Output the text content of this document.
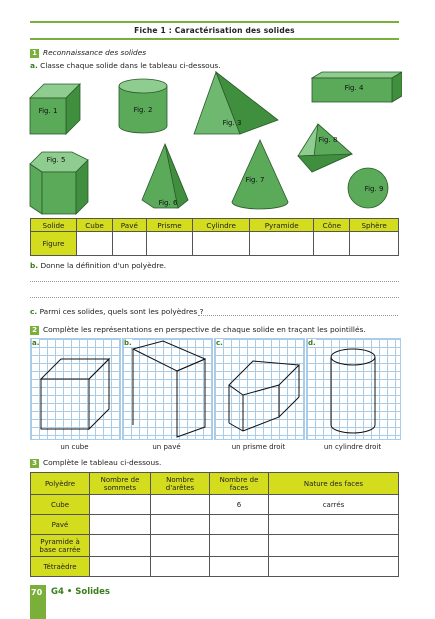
Fiche 1 : Caractérisation des solides
1 Reconnaissance des solides
a. Classe chaque solide dans le tableau ci-dessous.
Fig. 1	Fig. 2
Fig. 3
Fig. 4
Fig. 5
Fig. 6
Fig. 7
Fig. 8
Fig. 9
Solide	Cube	Pavé	Prisme	Cylindre	Pyramide	Cône	Sphère
Figure							
b. Donne la définition d'un polyèdre.
c. Parmi ces solides, quels sont les polyèdres ?
2 Complète les représentations en perspective de chaque solide en traçant les pointillés.
a.	b.	c.	d.
un cube	un pavé	un prisme droit	un cylindre droit
3 Complète le tableau ci-dessous.
Polyèdre	Nombre de sommets	Nombre d'arêtes	Nombre de faces	Nature des faces
Cube			6	carrés
Pavé				
Pyramide à base carrée				
Tétraèdre				
70 G4 • Solides
